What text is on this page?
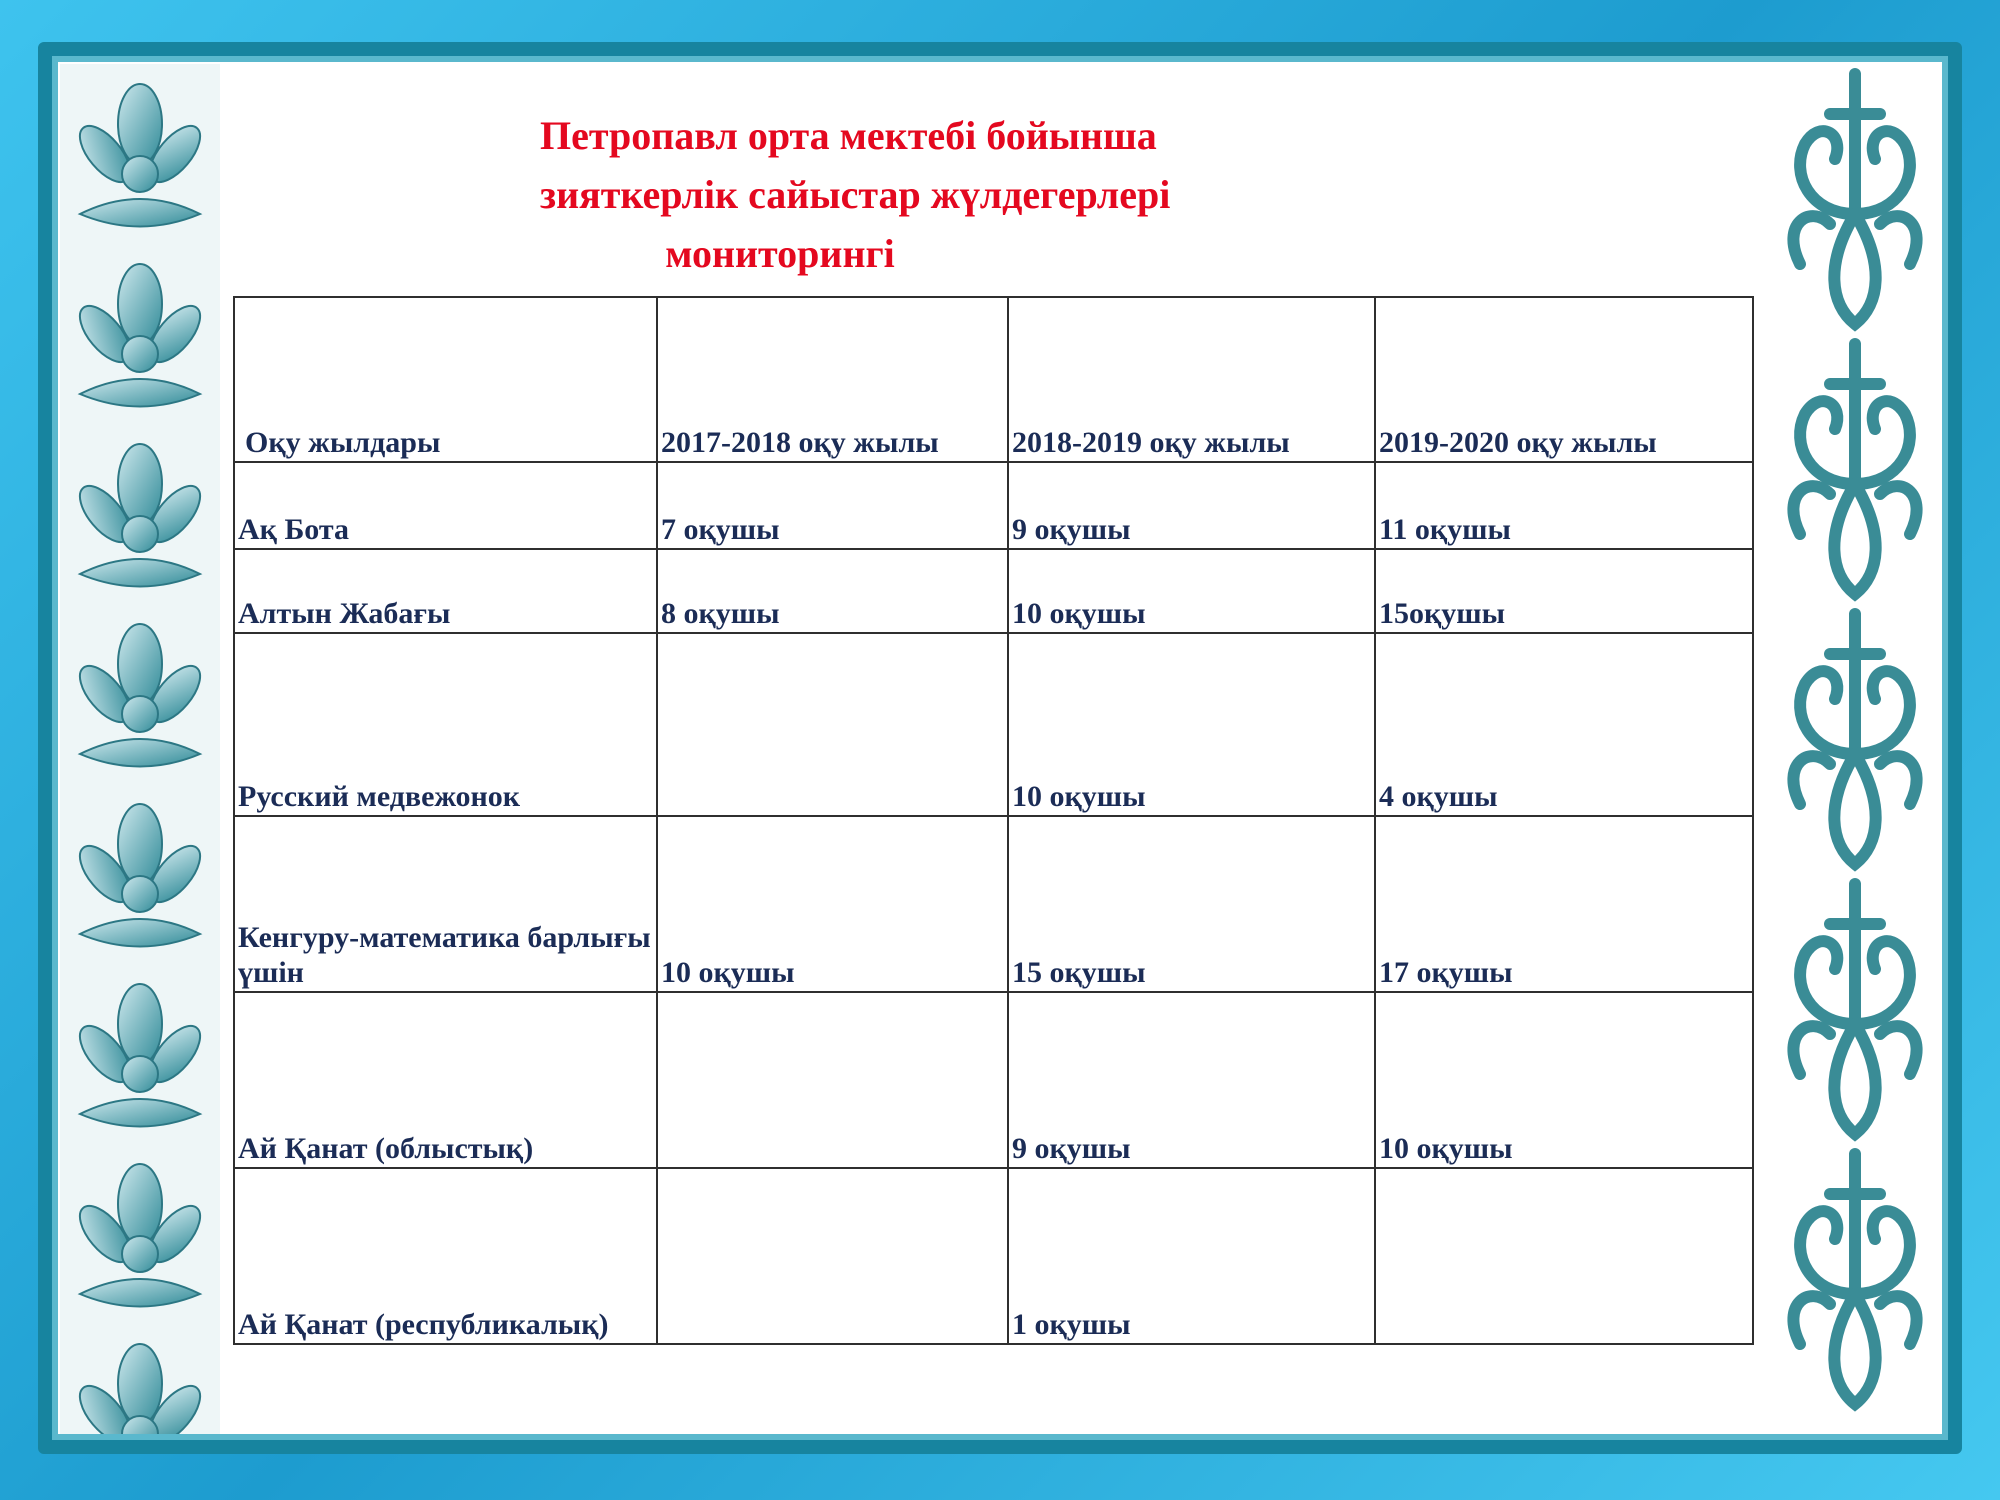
Петропавл орта мектебі бойынша
зияткерлік сайыстар жүлдегерлері
мониторингі
Оқу жылдары	2017-2018 оқу жылы	2018-2019 оқу жылы	2019-2020 оқу жылы
Ақ Бота	7 оқушы	9 оқушы	11 оқушы
Алтын Жабағы	8 оқушы	10 оқушы	15оқушы
Русский медвежонок		10 оқушы	4 оқушы
Кенгуру-математика барлығы үшін	10 оқушы	15 оқушы	17 оқушы
Ай Қанат (облыстық)		9 оқушы	10 оқушы
Ай Қанат (республикалық)		1 оқушы	
